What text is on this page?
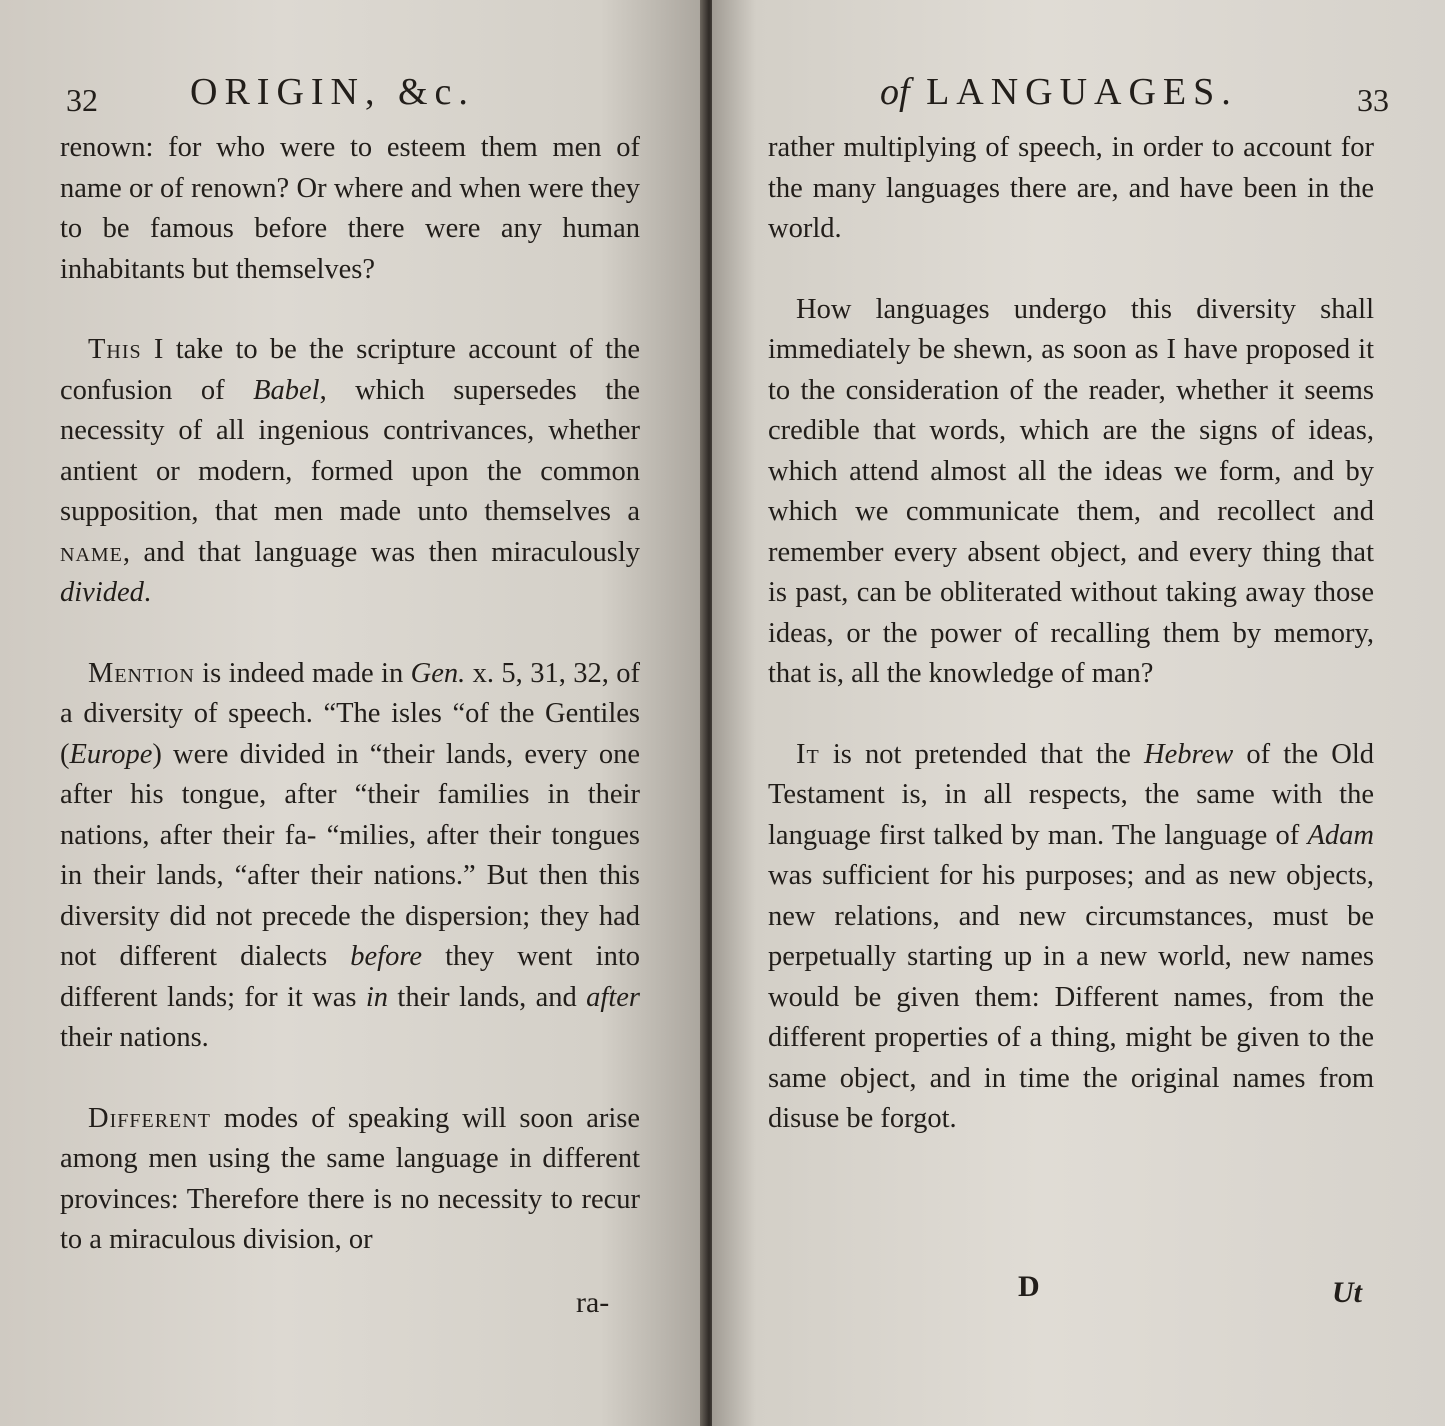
32 ORIGIN, &c.

renown: for who were to esteem them men of name or of renown? Or where and when were they to be famous before there were any human inhabitants but themselves?

This I take to be the scripture account of the confusion of Babel, which supersedes the necessity of all ingenious contrivances, whether antient or modern, formed upon the common supposition, that men made unto themselves a name, and that language was then miraculously divided.

Mention is indeed made in Gen. x. 5, 31, 32, of a diversity of speech. “The isles “of the Gentiles (Europe) were divided in “their lands, every one after his tongue, after “their families in their nations, after their fa- “milies, after their tongues in their lands, “after their nations.” But then this diversity did not precede the dispersion; they had not different dialects before they went into different lands; for it was in their lands, and after their nations.

Different modes of speaking will soon arise among men using the same language in different provinces: Therefore there is no necessity to recur to a miraculous division, or

ra-
of LANGUAGES.	33

rather multiplying of speech, in order to account for the many languages there are, and have been in the world.

How languages undergo this diversity shall immediately be shewn, as soon as I have proposed it to the consideration of the reader, whether it seems credible that words, which are the signs of ideas, which attend almost all the ideas we form, and by which we communicate them, and recollect and remember every absent object, and every thing that is past, can be obliterated without taking away those ideas, or the power of recalling them by memory, that is, all the knowledge of man?

It is not pretended that the Hebrew of the Old Testament is, in all respects, the same with the language first talked by man. The language of Adam was sufficient for his purposes; and as new objects, new relations, and new circumstances, must be perpetually starting up in a new world, new names would be given them: Different names, from the different properties of a thing, might be given to the same object, and in time the original names from disuse be forgot.

D	Ut
